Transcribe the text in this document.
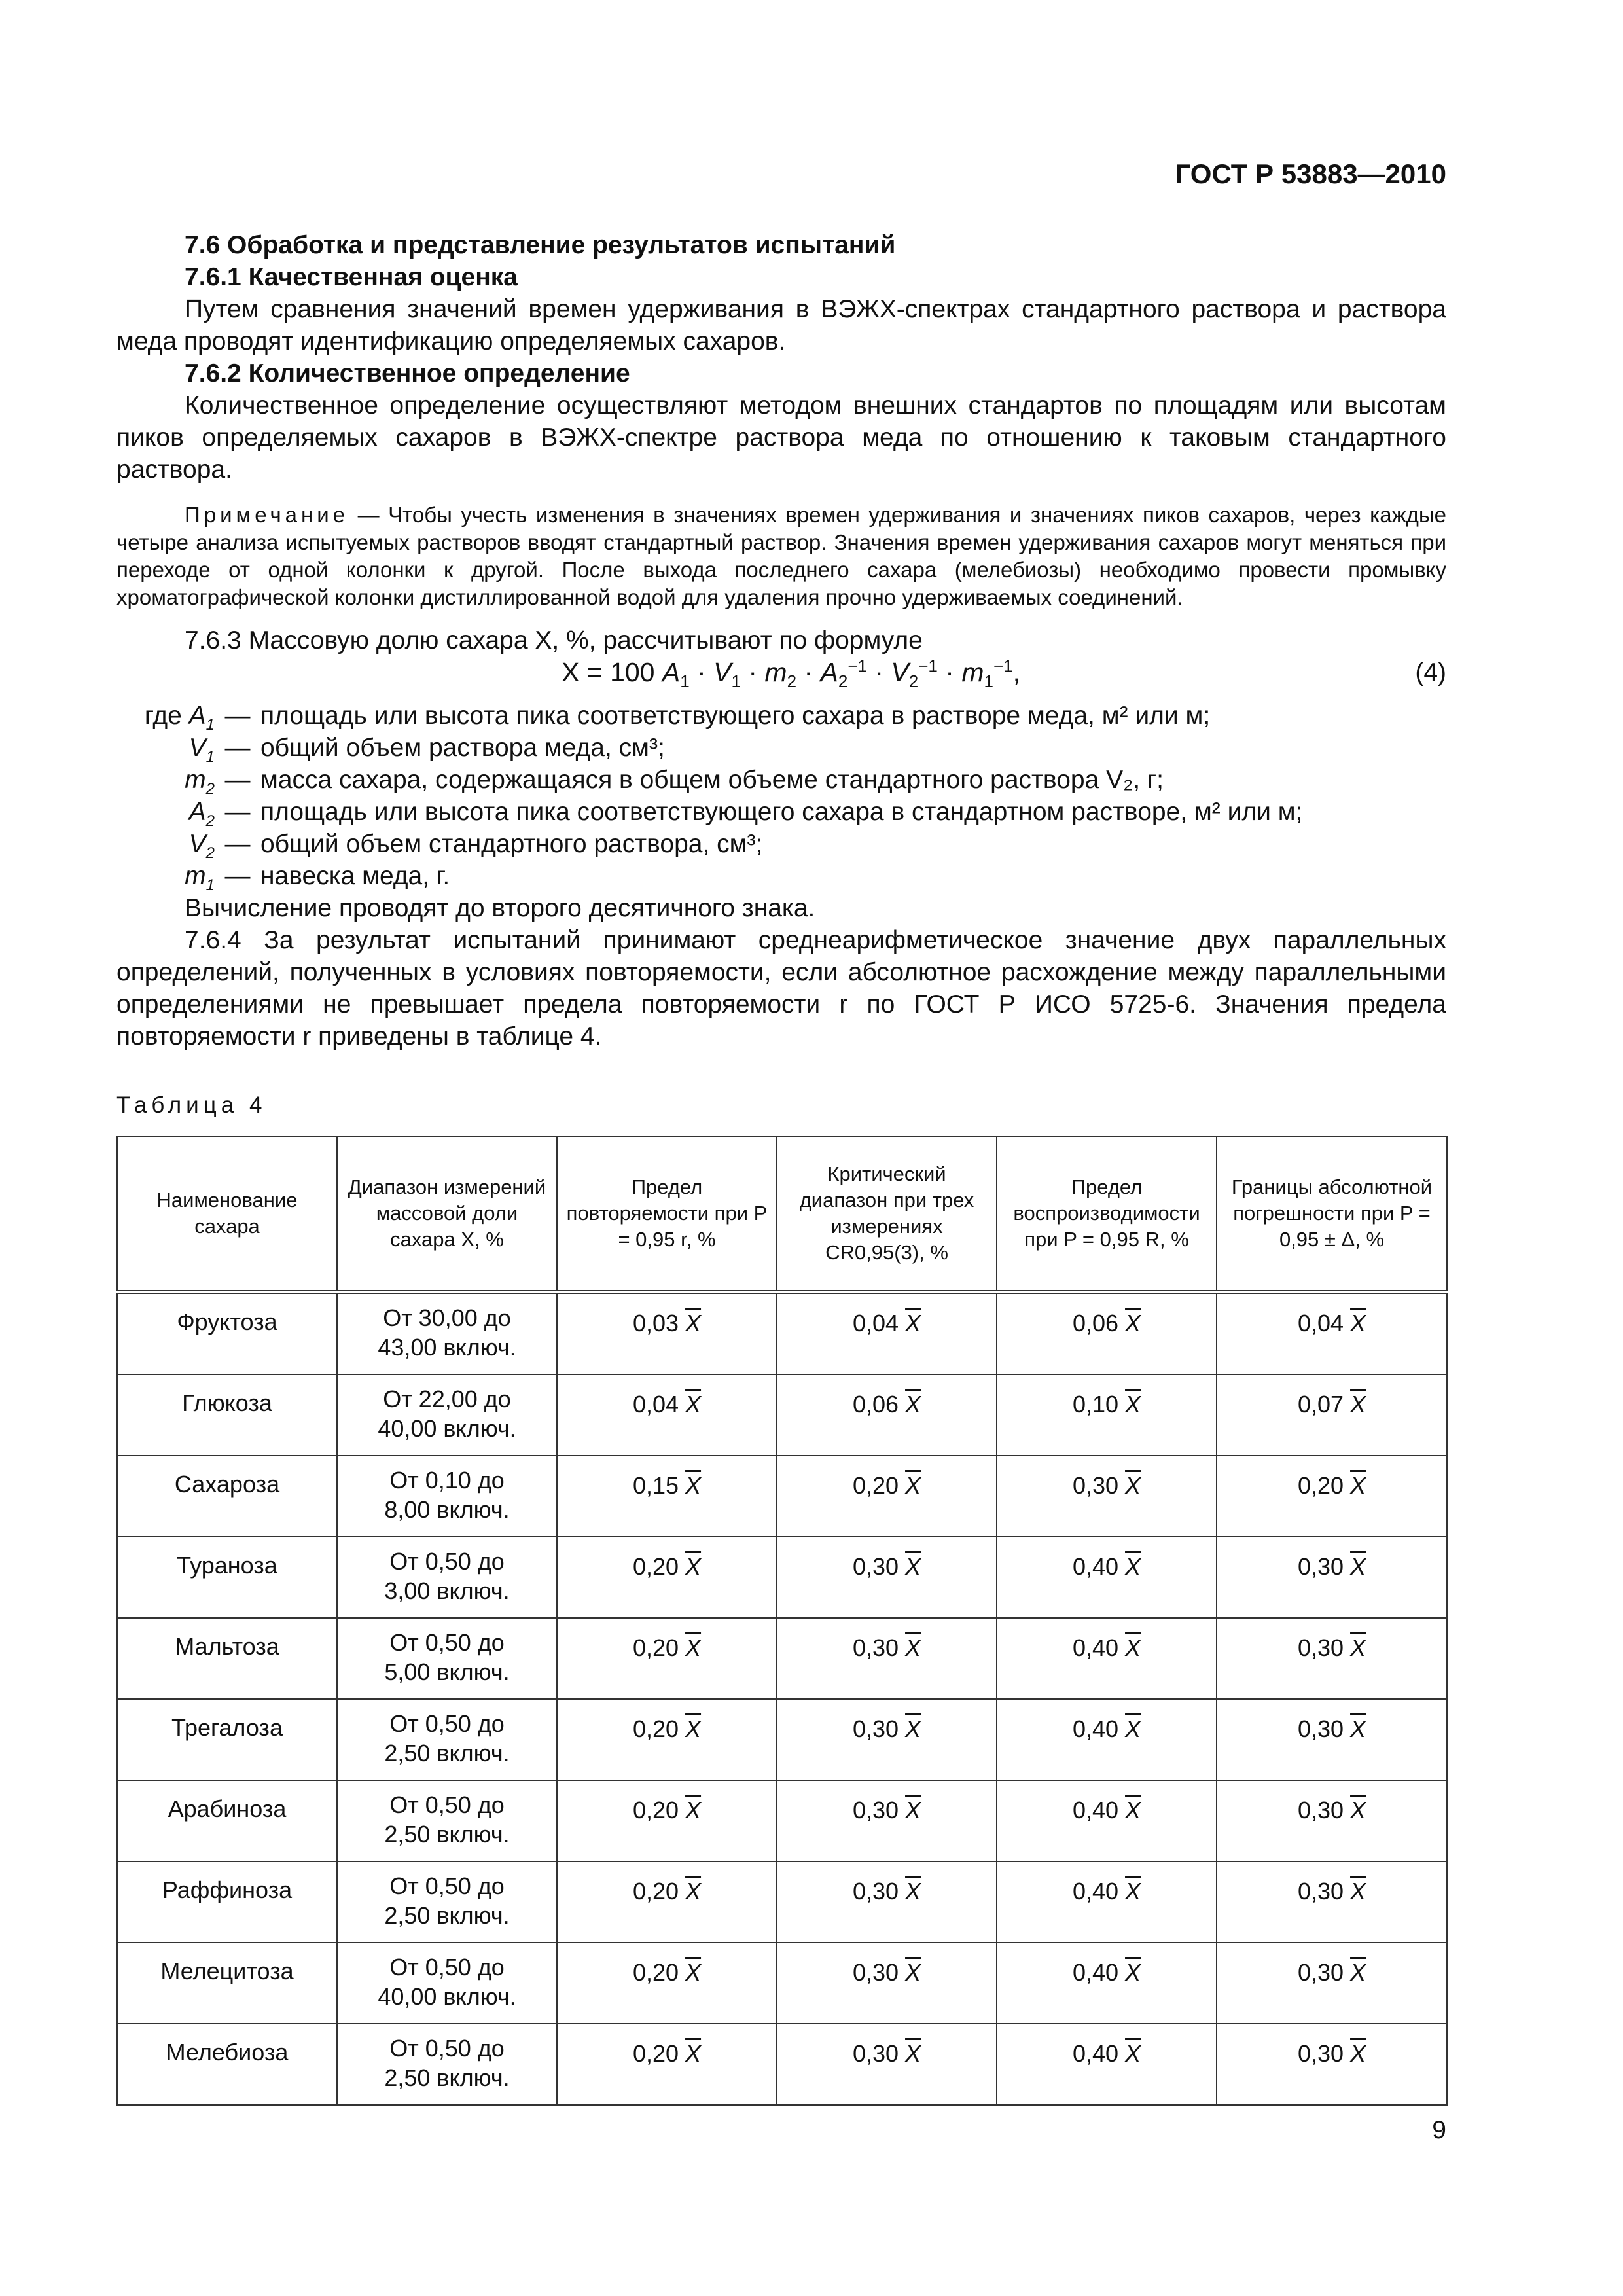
ГОСТ Р 53883—2010

7.6 Обработка и представление результатов испытаний

7.6.1 Качественная оценка

Путем сравнения значений времен удерживания в ВЭЖХ-спектрах стандартного раствора и раствора меда проводят идентификацию определяемых сахаров.

7.6.2 Количественное определение

Количественное определение осуществляют методом внешних стандартов по площадям или высотам пиков определяемых сахаров в ВЭЖХ-спектре раствора меда по отношению к таковым стандартного раствора.

Примечание — Чтобы учесть изменения в значениях времен удерживания и значениях пиков сахаров, через каждые четыре анализа испытуемых растворов вводят стандартный раствор. Значения времен удерживания сахаров могут меняться при переходе от одной колонки к другой. После выхода последнего сахара (мелебиозы) необходимо провести промывку хроматографической колонки дистиллированной водой для удаления прочно удерживаемых соединений.

7.6.3 Массовую долю сахара X, %, рассчитывают по формуле

X = 100 $A_1 \cdot V_1 \cdot m_2 \cdot A_2^{-1} \cdot V_2^{-1} \cdot m_1^{-1}$,	(4)
где $A_1$ — площадь или высота пика соответствующего сахара в растворе меда, м² или м;
$V_1$ — общий объем раствора меда, см³;
$m_2$ — масса сахара, содержащаяся в общем объеме стандартного раствора V₂, г;
$A_2$ — площадь или высота пика соответствующего сахара в стандартном растворе, м² или м;
$V_2$ — общий объем стандартного раствора, см³;
$m_1$ — навеска меда, г.

Вычисление проводят до второго десятичного знака.

7.6.4 За результат испытаний принимают среднеарифметическое значение двух параллельных определений, полученных в условиях повторяемости, если абсолютное расхождение между параллельными определениями не превышает предела повторяемости r по ГОСТ Р ИСО 5725-6. Значения предела повторяемости r приведены в таблице 4.

Таблица 4
Наименование сахара	Диапазон измерений массовой доли сахара X, %	Предел повторяемости при P = 0,95 r, %	Критический диапазон при трех измерениях CR0,95(3), %	Предел воспроизводимости при P = 0,95 R, %	Границы абсолютной погрешности при P = 0,95 ± Δ, %
Фруктоза	От 30,00 до
43,00 включ.	0,03 $\overline{X}$	0,04 $\overline{X}$	0,06 $\overline{X}$	0,04 $\overline{X}$
Глюкоза	От 22,00 до
40,00 включ.	0,04 $\overline{X}$	0,06 $\overline{X}$	0,10 $\overline{X}$	0,07 $\overline{X}$
Сахароза	От 0,10 до
8,00 включ.	0,15 $\overline{X}$	0,20 $\overline{X}$	0,30 $\overline{X}$	0,20 $\overline{X}$
Тураноза	От 0,50 до
3,00 включ.	0,20 $\overline{X}$	0,30 $\overline{X}$	0,40 $\overline{X}$	0,30 $\overline{X}$
Мальтоза	От 0,50 до
5,00 включ.	0,20 $\overline{X}$	0,30 $\overline{X}$	0,40 $\overline{X}$	0,30 $\overline{X}$
Трегалоза	От 0,50 до
2,50 включ.	0,20 $\overline{X}$	0,30 $\overline{X}$	0,40 $\overline{X}$	0,30 $\overline{X}$
Арабиноза	От 0,50 до
2,50 включ.	0,20 $\overline{X}$	0,30 $\overline{X}$	0,40 $\overline{X}$	0,30 $\overline{X}$
Раффиноза	От 0,50 до
2,50 включ.	0,20 $\overline{X}$	0,30 $\overline{X}$	0,40 $\overline{X}$	0,30 $\overline{X}$
Мелецитоза	От 0,50 до
40,00 включ.	0,20 $\overline{X}$	0,30 $\overline{X}$	0,40 $\overline{X}$	0,30 $\overline{X}$
Мелебиоза	От 0,50 до
2,50 включ.	0,20 $\overline{X}$	0,30 $\overline{X}$	0,40 $\overline{X}$	0,30 $\overline{X}$
9
